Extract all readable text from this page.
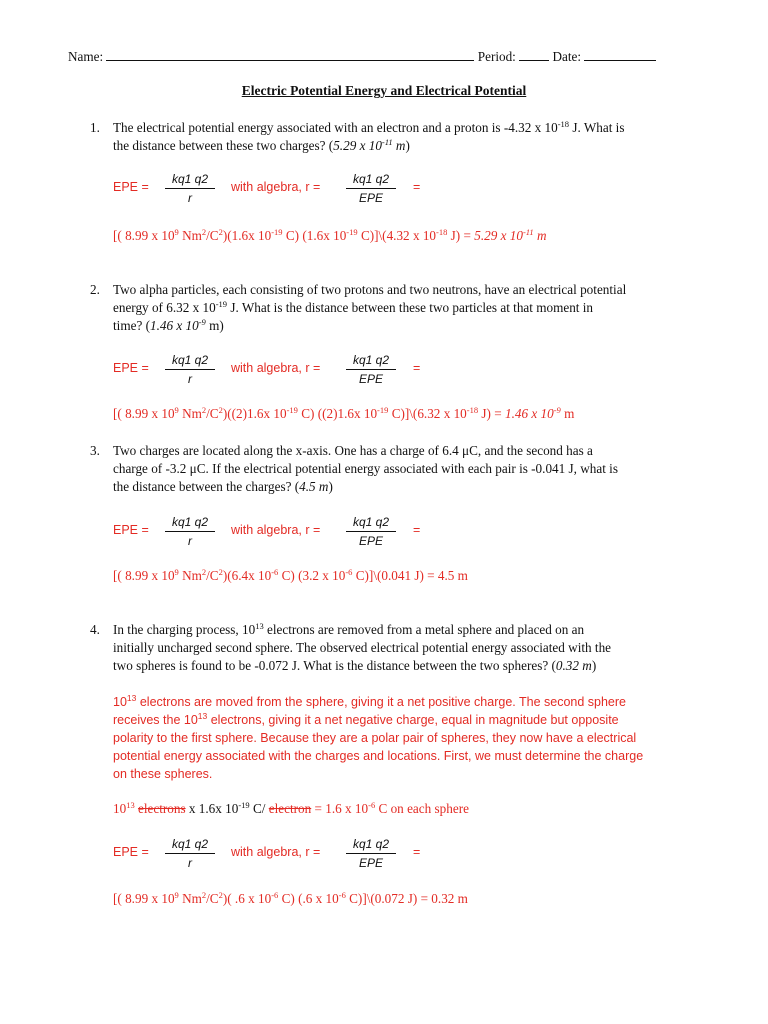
Name:	Period:	Date:
Electric Potential Energy and Electrical Potential
1. The electrical potential energy associated with an electron and a proton is -4.32 x $10^{-18}$ J. What is
the distance between these two charges? (5.29 x $10^{-11}$ m)
EPE = $\frac{kq1 q2}{r}$ with algebra, r =
kq1 q2
EPE
=
[( 8.99 x $10^9$ $Nm^2/C^2)(1.6x$ $10^{-19}$ C) (1.6x $10^{-19}$ C)]\(4.32 x $10^{-18}$ J) = 5.29 x $10^{-11}$ m
2. Two alpha particles, each consisting of two protons and two neutrons, have an electrical potential
energy of 6.32 x $10^{-19}$ J. What is the distance between these two particles at that moment in
time? (1.46 x $10^{-9}$ m)
EPE = $\frac{kq1 q2}{r}$ with algebra, r =
kq1 q2
EPE
=
[( 8.99 x $10^9$ $Nm^2/C^2)((2)1.6x$ $10^{-19}$ C) ((2)1.6x $10^{-19}$ C)]\(6.32 x $10^{-18}$ J) = 1.46 x $10^{-9}$ m
3. Two charges are located along the x-axis. One has a charge of 6.4 μC, and the second has a
charge of -3.2 μC. If the electrical potential energy associated with each pair is -0.041 J, what is
the distance between the charges? (4.5 m)
EPE = $\frac{kq1 q2}{r}$ with algebra, r =
kq1 q2
EPE
=
[( 8.99 x $10^9$ $Nm^2/C^2)(6.4x$ $10^{-6}$ C) (3.2 x $10^{-6}$ C)]\(0.041 J) = 4.5 m
4. In the charging process, $10^{13}$ electrons are removed from a metal sphere and placed on an
initially uncharged second sphere. The observed electrical potential energy associated with the
two spheres is found to be -0.072 J. What is the distance between the two spheres? (0.32 m)
$10^{13}$ electrons are moved from the sphere, giving it a net positive charge. The second sphere
receives the $10^{13}$ electrons, giving it a net negative charge, equal in magnitude but opposite
polarity to the first sphere. Because they are a polar pair of spheres, they now have a electrical
potential energy associated with the charges and locations. First, we must determine the charge
on these spheres.
$10^{13}$ electrons x 1.6x $10^{-19}$ C/ electron = 1.6 x $10^{-6}$ C on each sphere
EPE = $\frac{kq1 q2}{r}$ with algebra, r =
kq1 q2
EPE
=
[( 8.99 x $10^9$ $Nm^2/C^2$)( .6 x $10^{-6}$ C) (.6 x $10^{-6}$ C)]\(0.072 J) = 0.32 m
